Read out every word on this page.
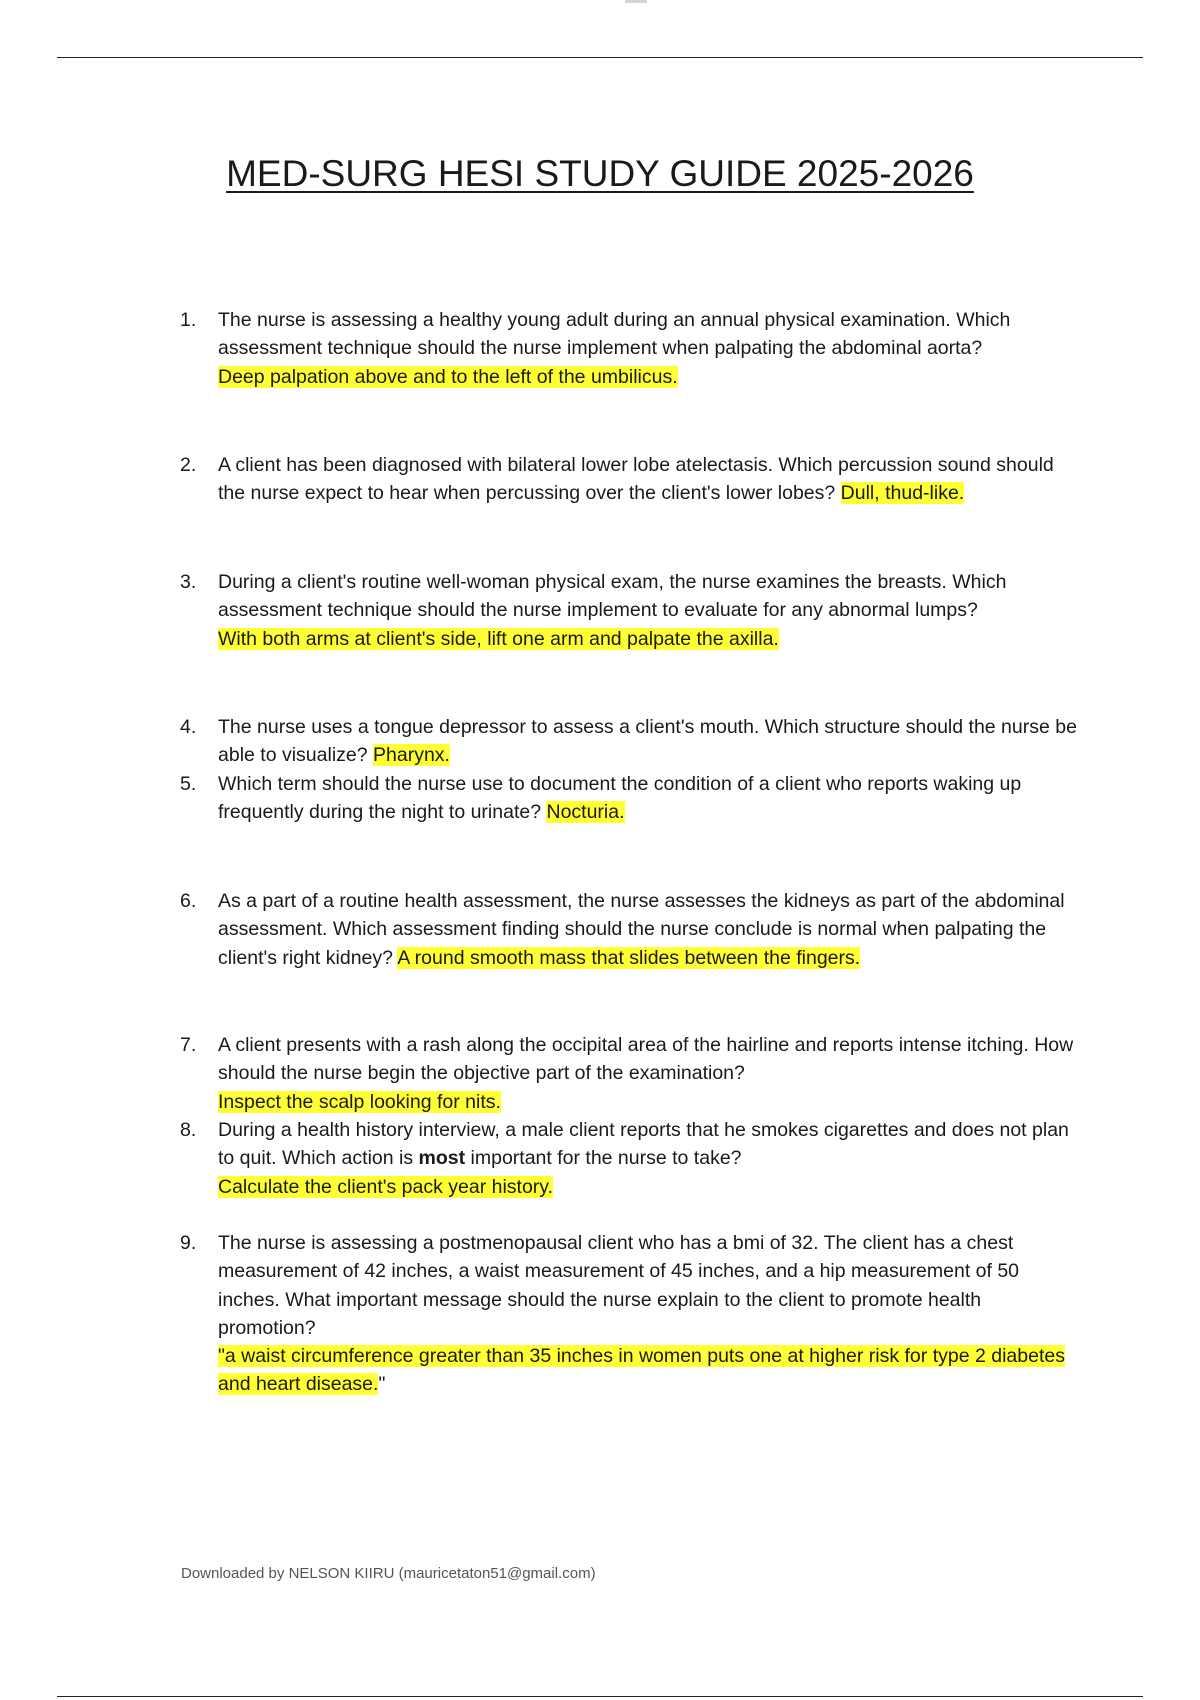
MED-SURG HESI STUDY GUIDE 2025-2026
1.	The nurse is assessing a healthy young adult during an annual physical examination. Which assessment technique should the nurse implement when palpating the abdominal aorta?
Deep palpation above and to the left of the umbilicus.
2.	A client has been diagnosed with bilateral lower lobe atelectasis. Which percussion sound should the nurse expect to hear when percussing over the client's lower lobes? Dull, thud-like.
3.	During a client's routine well-woman physical exam, the nurse examines the breasts. Which assessment technique should the nurse implement to evaluate for any abnormal lumps?
With both arms at client's side, lift one arm and palpate the axilla.
4.	The nurse uses a tongue depressor to assess a client's mouth. Which structure should the nurse be able to visualize? Pharynx.
5.	Which term should the nurse use to document the condition of a client who reports waking up frequently during the night to urinate? Nocturia.
6.	As a part of a routine health assessment, the nurse assesses the kidneys as part of the abdominal assessment. Which assessment finding should the nurse conclude is normal when palpating the client's right kidney? A round smooth mass that slides between the fingers.
7.	A client presents with a rash along the occipital area of the hairline and reports intense itching. How should the nurse begin the objective part of the examination?
Inspect the scalp looking for nits.
8.	During a health history interview, a male client reports that he smokes cigarettes and does not plan to quit. Which action is most important for the nurse to take?
Calculate the client's pack year history.
9.	The nurse is assessing a postmenopausal client who has a bmi of 32. The client has a chest measurement of 42 inches, a waist measurement of 45 inches, and a hip measurement of 50 inches. What important message should the nurse explain to the client to promote health promotion?
"a waist circumference greater than 35 inches in women puts one at higher risk for type 2 diabetes and heart disease."
Downloaded by NELSON KIIRU (mauricetaton51@gmail.com)
